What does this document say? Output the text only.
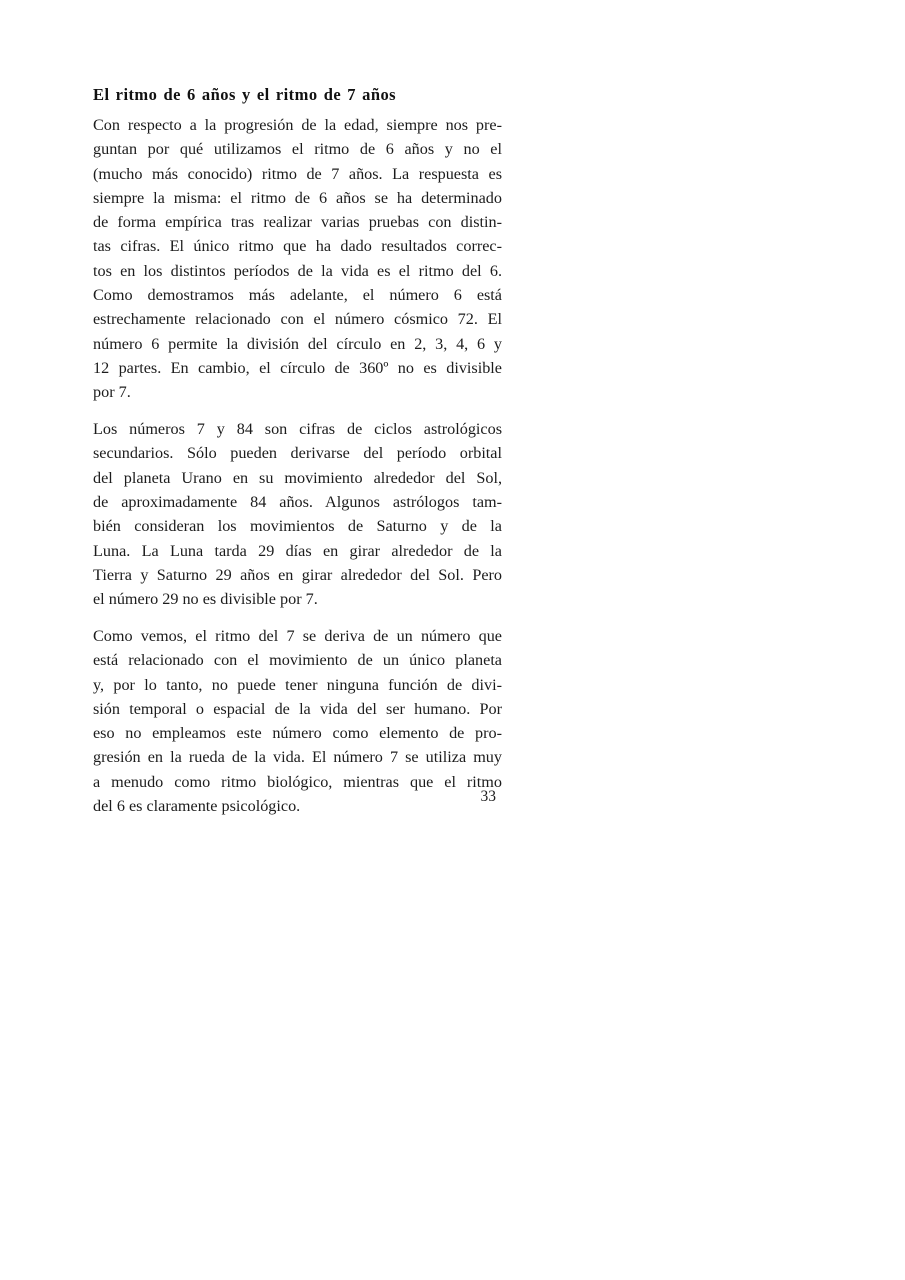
El ritmo de 6 años y el ritmo de 7 años

Con respecto a la progresión de la edad, siempre nos pre-
guntan por qué utilizamos el ritmo de 6 años y no el
(mucho más conocido) ritmo de 7 años. La respuesta es
siempre la misma: el ritmo de 6 años se ha determinado
de forma empírica tras realizar varias pruebas con distin-
tas cifras. El único ritmo que ha dado resultados correc-
tos en los distintos períodos de la vida es el ritmo del 6.
Como demostramos más adelante, el número 6 está
estrechamente relacionado con el número cósmico 72. El
número 6 permite la división del círculo en 2, 3, 4, 6 y
12 partes. En cambio, el círculo de 360º no es divisible
por 7.

Los números 7 y 84 son cifras de ciclos astrológicos
secundarios. Sólo pueden derivarse del período orbital
del planeta Urano en su movimiento alrededor del Sol,
de aproximadamente 84 años. Algunos astrólogos tam-
bién consideran los movimientos de Saturno y de la
Luna. La Luna tarda 29 días en girar alrededor de la
Tierra y Saturno 29 años en girar alrededor del Sol. Pero
el número 29 no es divisible por 7.

Como vemos, el ritmo del 7 se deriva de un número que
está relacionado con el movimiento de un único planeta
y, por lo tanto, no puede tener ninguna función de divi-
sión temporal o espacial de la vida del ser humano. Por
eso no empleamos este número como elemento de pro-
gresión en la rueda de la vida. El número 7 se utiliza muy
a menudo como ritmo biológico, mientras que el ritmo
del 6 es claramente psicológico.

33
